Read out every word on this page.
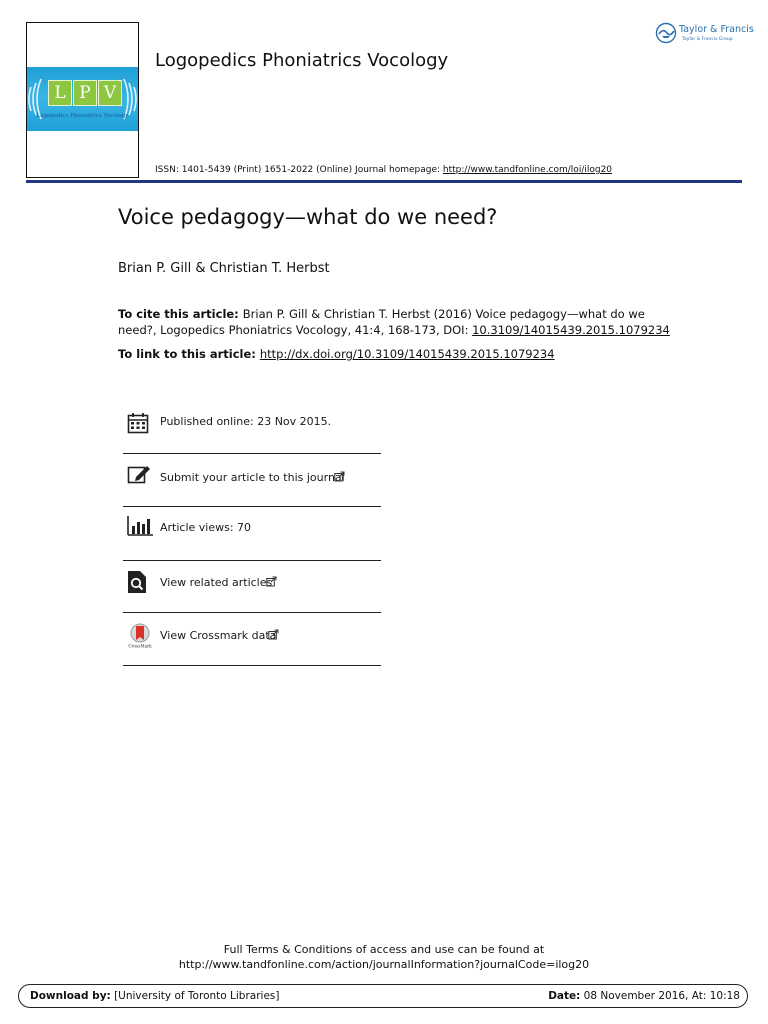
L P V
Logopedics Phoniatrics Vocology
Logopedics Phoniatrics Vocology
ISSN: 1401-5439 (Print) 1651-2022 (Online) Journal homepage: http://www.tandfonline.com/loi/ilog20
Taylor & Francis
Taylor & Francis Group
Voice pedagogy—what do we need?
Brian P. Gill & Christian T. Herbst
To cite this article: Brian P. Gill & Christian T. Herbst (2016) Voice pedagogy—what do we need?, Logopedics Phoniatrics Vocology, 41:4, 168-173, DOI: 10.3109/14015439.2015.1079234
To link to this article: http://dx.doi.org/10.3109/14015439.2015.1079234
Published online: 23 Nov 2015.
Submit your article to this journal
Article views: 70
View related articles
CrossMark
View Crossmark data
Full Terms & Conditions of access and use can be found at
http://www.tandfonline.com/action/journalInformation?journalCode=ilog20
Download by: [University of Toronto Libraries]	Date: 08 November 2016, At: 10:18
